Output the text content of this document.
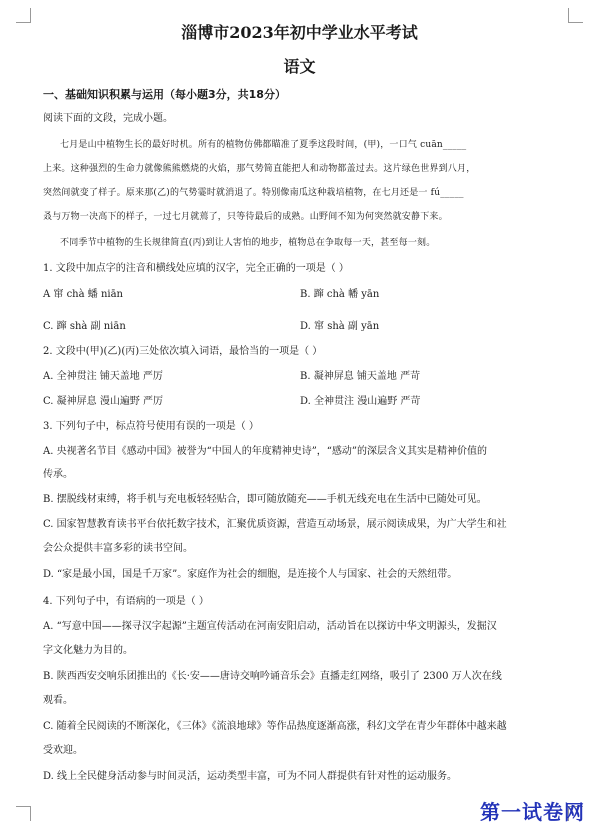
淄博市2023年初中学业水平考试
语文
一、基础知识积累与运用（每小题3分，共18分）
阅读下面的文段，完成小题。
七月是山中植物生长的最好时机。所有的植物仿佛都瞄准了夏季这段时间，(甲)，一口气 cuān_____
上来。这种强烈的生命力就像熊熊燃烧的火焰，那气势简直能把人和动物都盖过去。这片绿色世界到八月，
突然间就变了样子。原来那(乙)的气势霎时就消退了。特别像南瓜这种栽培植物，在七月还是一 fú_____
叒与万物一决高下的样子，一过七月就蔫了，只等待最后的成熟。山野间不知为何突然就安静下来。
不同季节中植物的生长规律简直(丙)到让人害怕的地步，植物总在争取每一天，甚至每一刻。
1. 文段中加点字的注音和横线处应填的汉字，完全正确的一项是（ ）
A 窜 chà 蟠 niān	B. 蹿 chà 幡 yān
C. 蹿 shà 副 niān	D. 窜 shà 副 yān
2. 文段中(甲)(乙)(丙)三处依次填入词语，最恰当的一项是（ ）
A. 全神贯注 铺天盖地 严厉	B. 凝神屏息 铺天盖地 严苛
C. 凝神屏息 漫山遍野 严厉	D. 全神贯注 漫山遍野 严苛
3. 下列句子中，标点符号使用有误的一项是（ ）
A. 央视著名节目《感动中国》被誉为“中国人的年度精神史诗”，“感动”的深层含义其实是精神价值的
传承。
B. 摆脱线材束缚，将手机与充电板轻轻贴合，即可随放随充——手机无线充电在生活中已随处可见。
C. 国家智慧教育读书平台依托数字技术，汇聚优质资源，营造互动场景，展示阅读成果，为广大学生和社
会公众提供丰富多彩的读书空间。
D. “家是最小国，国是千万家”。家庭作为社会的细胞，是连接个人与国家、社会的天然纽带。
4. 下列句子中，有语病的一项是（ ）
A. “写意中国——探寻汉字起源”主题宣传活动在河南安阳启动，活动旨在以探访中华文明源头，发掘汉
字文化魅力为目的。
B. 陕西西安交响乐团推出的《长·安——唐诗交响吟诵音乐会》直播走红网络，吸引了 2300 万人次在线
观看。
C. 随着全民阅读的不断深化，《三体》《流浪地球》等作品热度逐渐高涨，科幻文学在青少年群体中越来越
受欢迎。
D. 线上全民健身活动参与时间灵活，运动类型丰富，可为不同人群提供有针对性的运动服务。
第一试卷网
